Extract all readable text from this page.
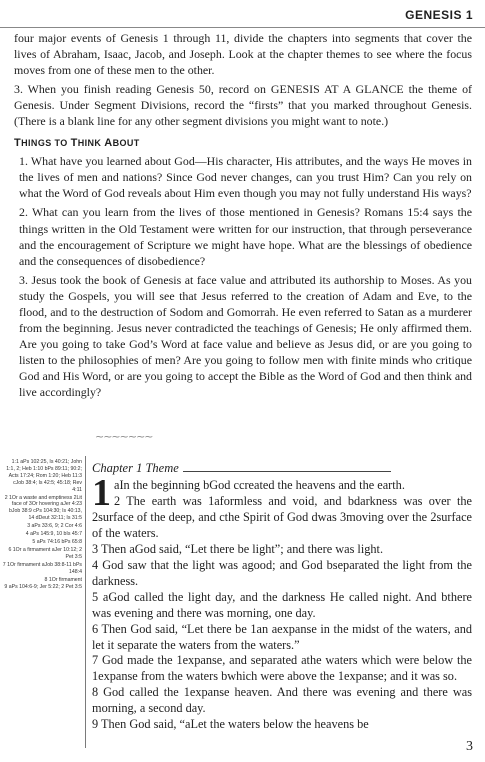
GENESIS 1

four major events of Genesis 1 through 11, divide the chapters into segments that cover the lives of Abraham, Isaac, Jacob, and Joseph. Look at the chapter themes to see where the focus moves from one of these men to the other.

3. When you finish reading Genesis 50, record on GENESIS AT A GLANCE the theme of Genesis. Under Segment Divisions, record the “firsts” that you marked throughout Genesis. (There is a blank line for any other segment divisions you might want to note.)

THINGS TO THINK ABOUT

1. What have you learned about God—His character, His attributes, and the ways He moves in the lives of men and nations? Since God never changes, can you trust Him? Can you rely on what the Word of God reveals about Him even though you may not fully understand His ways?

2. What can you learn from the lives of those mentioned in Genesis? Romans 15:4 says the things written in the Old Testament were written for our instruction, that through perseverance and the encouragement of Scripture we might have hope. What are the blessings of obedience and the consequences of disobedience?

3. Jesus took the book of Genesis at face value and attributed its authorship to Moses. As you study the Gospels, you will see that Jesus referred to the creation of Adam and Eve, to the flood, and to the destruction of Sodom and Gomorrah. He even referred to Satan as a murderer from the beginning. Jesus never contradicted the teachings of Genesis; He only affirmed them. Are you going to take God’s Word at face value and believe as Jesus did, or are you going to listen to the philosophies of men? Are you going to follow men with finite minds who critique God and His Word, or are you going to accept the Bible as the Word of God and then think and live accordingly?

~~~~~~~
1:1 aPs 102:25, Is 40:21; John 1:1, 2; Heb 1:10 bPs 89:11; 90:2; Acts 17:24; Rom 1:20; Heb 11:3 cJob 38:4; Is 42:5; 45:18; Rev 4:11
2 1Or a waste and emptiness 2Lit face of 3Or hovering aJer 4:23 bJob 38:9 cPs 104:30; Is 40:13, 14 dDeut 32:11; Is 31:5
3 aPs 33:6, 9; 2 Cor 4:6
4 aPs 145:9, 10 bIs 45:7
5 aPs 74:16 bPs 65:8
6 1Or a firmament aJer 10:12; 2 Pet 3:5
7 1Or firmament aJob 38:8-11 bPs 148:4
8 1Or firmament
9 aPs 104:6-9; Jer 5:22; 2 Pet 3:5
Chapter 1 Theme

1 aIn the beginning bGod ccreated the heavens and the earth.

2 The earth was 1aformless and void, and bdarkness was over the 2surface of the deep, and cthe Spirit of God dwas 3moving over the 2surface of the waters.

3 Then aGod said, “Let there be light”; and there was light.

4 God saw that the light was agood; and God bseparated the light from the darkness.

5 aGod called the light day, and the darkness He called night. And bthere was evening and there was morning, one day.

6 Then God said, “Let there be 1an aexpanse in the midst of the waters, and let it separate the waters from the waters.”

7 God made the 1expanse, and separated athe waters which were below the 1expanse from the waters bwhich were above the 1expanse; and it was so.

8 God called the 1expanse heaven. And there was evening and there was morning, a second day.

9 Then God said, “aLet the waters below the heavens be

3
